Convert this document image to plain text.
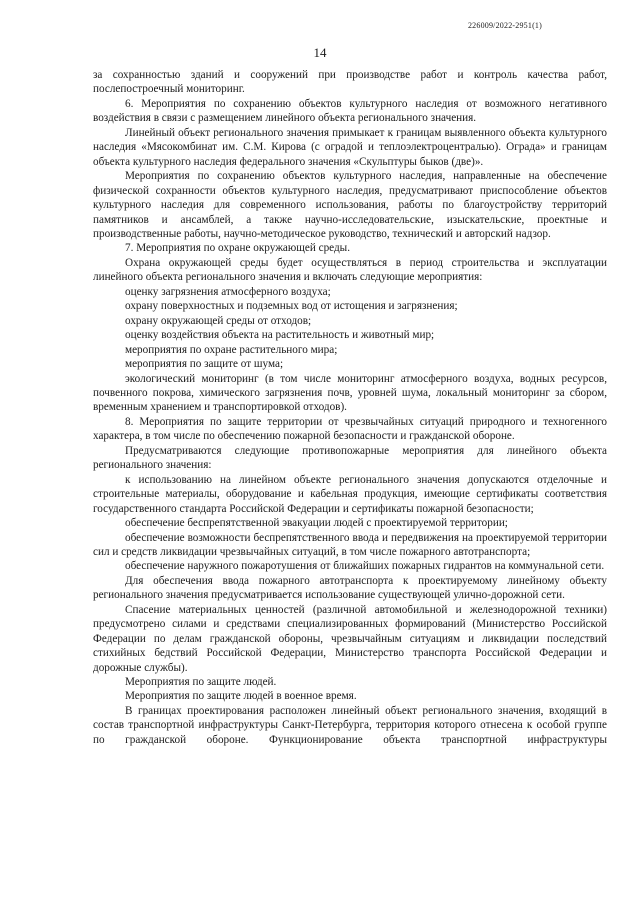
226009/2022-2951(1)
14

за сохранностью зданий и сооружений при производстве работ и контроль качества работ, послепостроечный мониторинг.

6. Мероприятия по сохранению объектов культурного наследия от возможного негативного воздействия в связи с размещением линейного объекта регионального значения.

Линейный объект регионального значения примыкает к границам выявленного объекта культурного наследия «Мясокомбинат им. С.М. Кирова (с оградой и теплоэлектроцентралью). Ограда» и границам объекта культурного наследия федерального значения «Скульптуры быков (две)».

Мероприятия по сохранению объектов культурного наследия, направленные на обеспечение физической сохранности объектов культурного наследия, предусматривают приспособление объектов культурного наследия для современного использования, работы по благоустройству территорий памятников и ансамблей, а также научно-исследовательские, изыскательские, проектные и производственные работы, научно-методическое руководство, технический и авторский надзор.

7. Мероприятия по охране окружающей среды.

Охрана окружающей среды будет осуществляться в период строительства и эксплуатации линейного объекта регионального значения и включать следующие мероприятия:

оценку загрязнения атмосферного воздуха;

охрану поверхностных и подземных вод от истощения и загрязнения;

охрану окружающей среды от отходов;

оценку воздействия объекта на растительность и животный мир;

мероприятия по охране растительного мира;

мероприятия по защите от шума;

экологический мониторинг (в том числе мониторинг атмосферного воздуха, водных ресурсов, почвенного покрова, химического загрязнения почв, уровней шума, локальный мониторинг за сбором, временным хранением и транспортировкой отходов).

8. Мероприятия по защите территории от чрезвычайных ситуаций природного и техногенного характера, в том числе по обеспечению пожарной безопасности и гражданской обороне.

Предусматриваются следующие противопожарные мероприятия для линейного объекта регионального значения:

к использованию на линейном объекте регионального значения допускаются отделочные и строительные материалы, оборудование и кабельная продукция, имеющие сертификаты соответствия государственного стандарта Российской Федерации и сертификаты пожарной безопасности;

обеспечение беспрепятственной эвакуации людей с проектируемой территории;

обеспечение возможности беспрепятственного ввода и передвижения на проектируемой территории сил и средств ликвидации чрезвычайных ситуаций, в том числе пожарного автотранспорта;

обеспечение наружного пожаротушения от ближайших пожарных гидрантов на коммунальной сети.

Для обеспечения ввода пожарного автотранспорта к проектируемому линейному объекту регионального значения предусматривается использование существующей улично-дорожной сети.

Спасение материальных ценностей (различной автомобильной и железнодорожной техники) предусмотрено силами и средствами специализированных формирований (Министерство Российской Федерации по делам гражданской обороны, чрезвычайным ситуациям и ликвидации последствий стихийных бедствий Российской Федерации, Министерство транспорта Российской Федерации и дорожные службы).

Мероприятия по защите людей.

Мероприятия по защите людей в военное время.

В границах проектирования расположен линейный объект регионального значения, входящий в состав транспортной инфраструктуры Санкт-Петербурга, территория которого отнесена к особой группе по гражданской обороне. Функционирование объекта транспортной инфраструктуры
